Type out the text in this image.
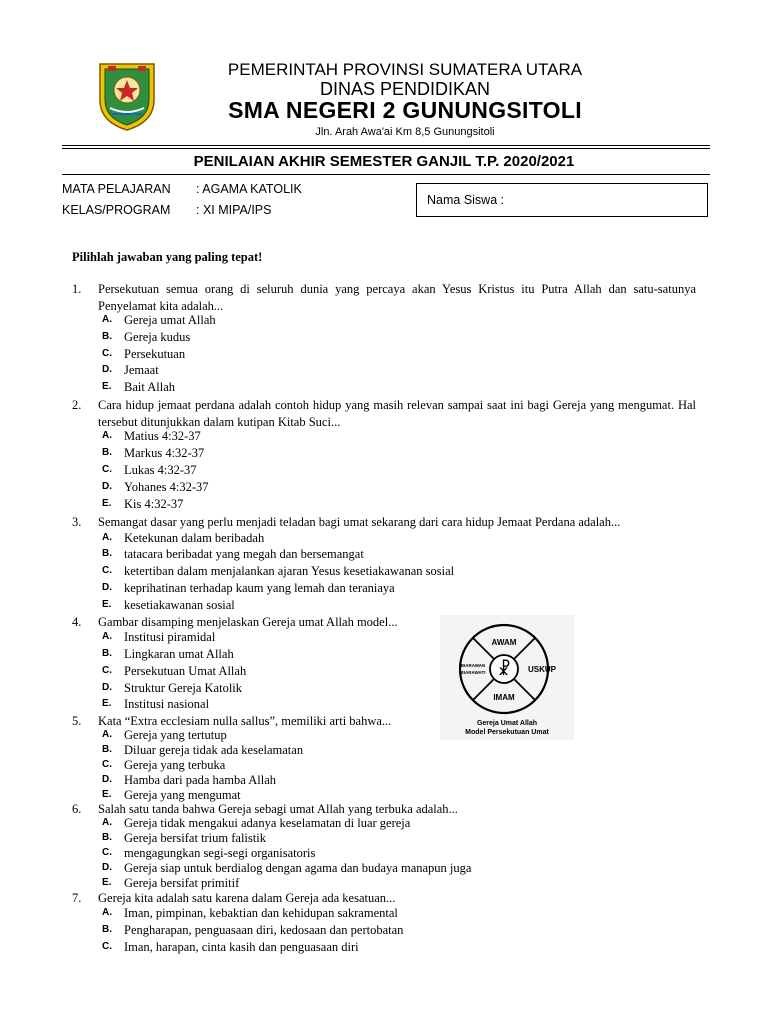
PEMERINTAH PROVINSI SUMATERA UTARA
DINAS PENDIDIKAN
SMA NEGERI 2 GUNUNGSITOLI
Jln. Arah Awa'ai Km 8,5 Gunungsitoli
PENILAIAN AKHIR SEMESTER GANJIL T.P. 2020/2021
MATA PELAJARAN : AGAMA KATOLIK
KELAS/PROGRAM : XI MIPA/IPS
Nama Siswa :
Pilihlah jawaban yang paling tepat!
1.	Persekutuan semua orang di seluruh dunia yang percaya akan Yesus Kristus itu Putra Allah dan satu-satunya Penyelamat kita adalah...
A. Gereja umat Allah
B. Gereja kudus
C. Persekutuan
D. Jemaat
E. Bait Allah
2.	Cara hidup jemaat perdana adalah contoh hidup yang masih relevan sampai saat ini bagi Gereja yang mengumat. Hal tersebut ditunjukkan dalam kutipan Kitab Suci...
A. Matius 4:32-37
B. Markus 4:32-37
C. Lukas 4:32-37
D. Yohanes 4:32-37
E. Kis 4:32-37
3.	Semangat dasar yang perlu menjadi teladan bagi umat sekarang dari cara hidup Jemaat Perdana adalah...
A. Ketekunan dalam beribadah
B. tatacara beribadat yang megah dan bersemangat
C. ketertiban dalam menjalankan ajaran Yesus kesetiakawanan sosial
D. keprihatinan terhadap kaum yang lemah dan teraniaya
E. kesetiakawanan sosial
4.	Gambar disamping menjelaskan Gereja umat Allah model...
A. Institusi piramidal
B. Lingkaran umat Allah
C. Persekutuan Umat Allah
D. Struktur Gereja Katolik
E. Institusi nasional
☧
AWAM
USKUP
IMAM
BIARAWAN
BIARAWATI
Gereja Umat Allah
Model Persekutuan Umat
5.	Kata “Extra ecclesiam nulla sallus”, memiliki arti bahwa...
A. Gereja yang tertutup
B. Diluar gereja tidak ada keselamatan
C. Gereja yang terbuka
D. Hamba dari pada hamba Allah
E. Gereja yang mengumat
6.	Salah satu tanda bahwa Gereja sebagi umat Allah yang terbuka adalah...
A. Gereja tidak mengakui adanya keselamatan di luar gereja
B. Gereja bersifat trium falistik
C. mengagungkan segi-segi organisatoris
D. Gereja siap untuk berdialog dengan agama dan budaya manapun juga
E. Gereja bersifat primitif
7.	Gereja kita adalah satu karena dalam Gereja ada kesatuan...
A. Iman, pimpinan, kebaktian dan kehidupan sakramental
B. Pengharapan, penguasaan diri, kedosaan dan pertobatan
C. Iman, harapan, cinta kasih dan penguasaan diri
